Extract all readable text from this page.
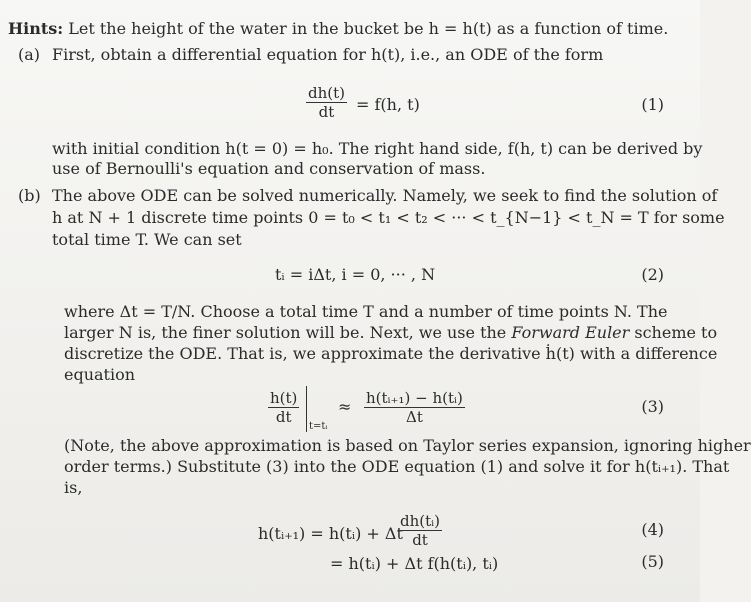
Hints: Let the height of the water in the bucket be h = h(t) as a function of time.
(a) First, obtain a differential equation for h(t), i.e., an ODE of the form
$\frac{dh(t)}{dt} = f(h$, t)	(1)
with initial condition h(t = 0) = h₀. The right hand side, f(h, t) can be derived by
use of Bernoulli's equation and conservation of mass.
(b) The above ODE can be solved numerically. Namely, we seek to find the solution of
h at N + 1 discrete time points 0 = t₀ < t₁ < t₂ < ··· < t_{N−1} < t_N = T for some
total time T. We can set
tᵢ = iΔt, i = 0, ··· , N	(2)
where Δt = T/N. Choose a total time T and a number of time points N. The
larger N is, the finer solution will be. Next, we use the Forward Euler scheme to
discretize the ODE. That is, we approximate the derivative ḣ(t) with a difference
equation
$\frac{h(t)}{dt}$
t=tᵢ
≈ $\frac{\text{h(tᵢ₊₁) − h(tᵢ)}}{\Delta t}$	(3)
(Note, the above approximation is based on Taylor series expansion, ignoring higher
order terms.) Substitute (3) into the ODE equation (1) and solve it for h(tᵢ₊₁). That
is,
h(tᵢ₊₁) = h(tᵢ) + Δt
$\frac{\text{dh(tᵢ)}}{dt}$	(4)
= h(tᵢ) + Δt f(h(tᵢ), tᵢ)	(5)
